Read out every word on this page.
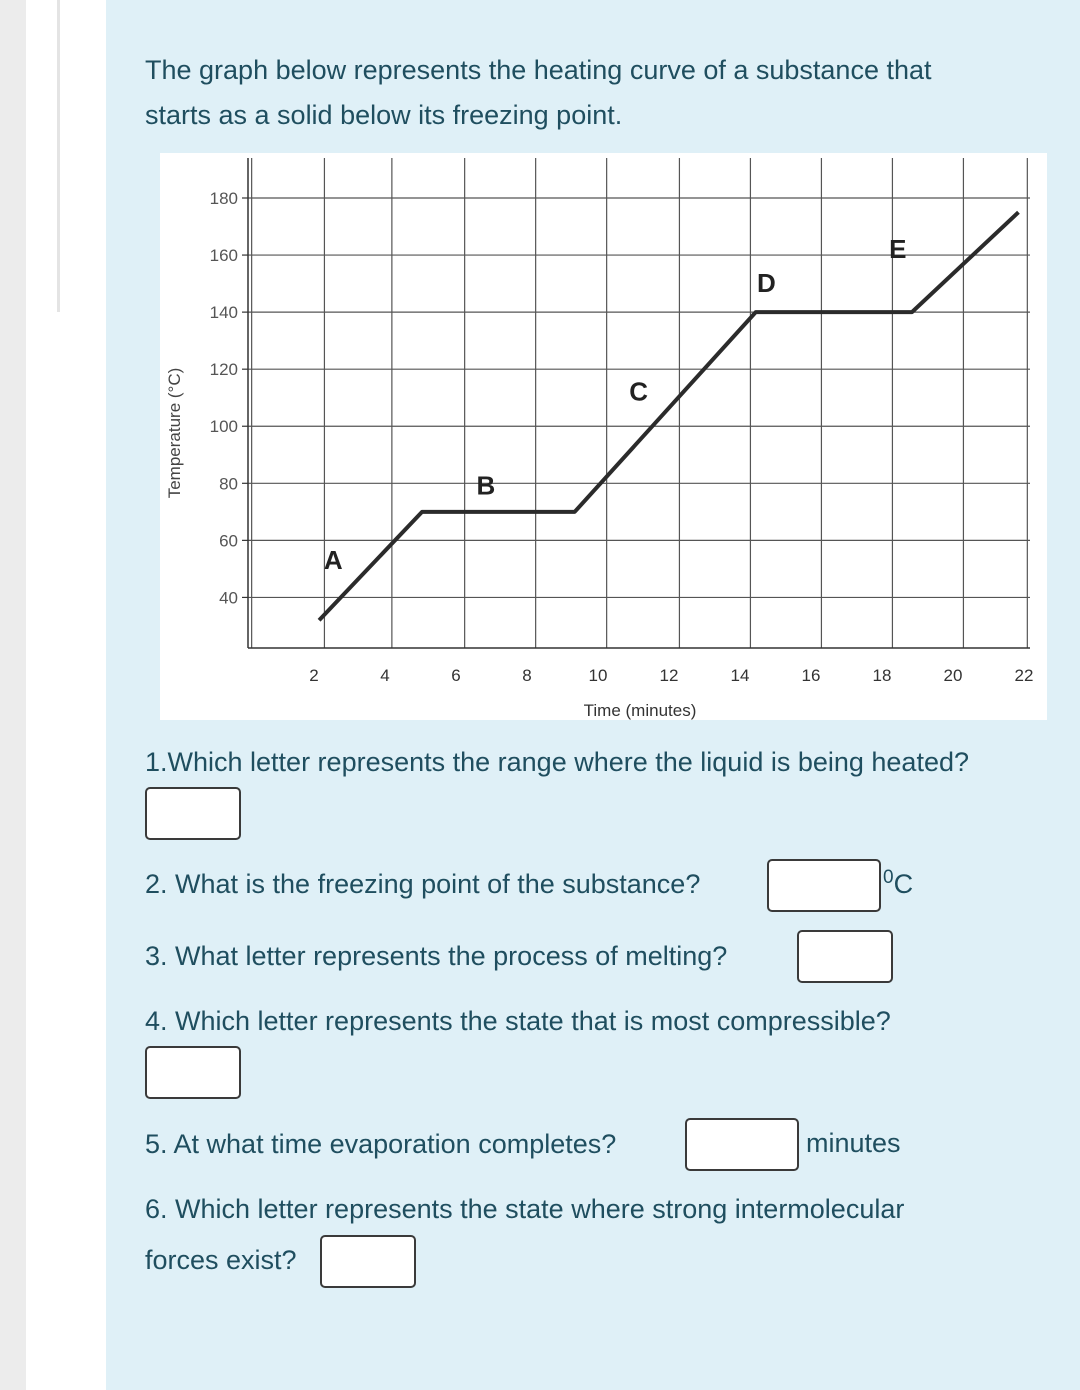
The graph below represents the heating curve of a substance that
starts as a solid below its freezing point.
40
60
80
100
120
140
160
180
2	4	6	8	10	12	14	16	18	20	22
A
B
C
D
E
Time (minutes)
Temperature (°C)
1.Which letter represents the range where the liquid is being heated?
2. What is the freezing point of the substance?	$^0$C
3. What letter represents the process of melting?
4. Which letter represents the state that is most compressible?
5. At what time evaporation completes?	minutes
6. Which letter represents the state where strong intermolecular
forces exist?
